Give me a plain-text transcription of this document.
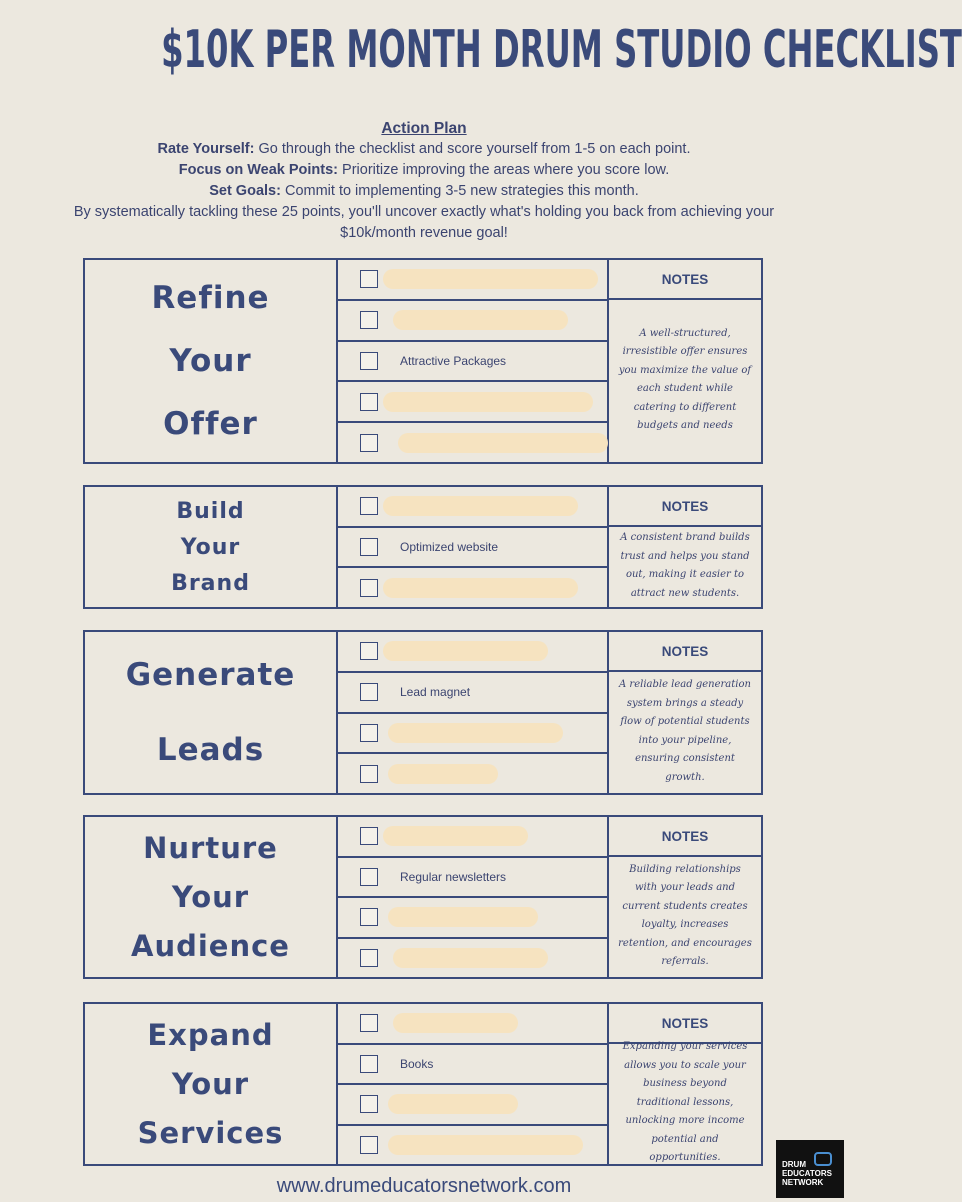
$10K PER MONTH DRUM STUDIO CHECKLIST
Action Plan
Rate Yourself: Go through the checklist and score yourself from 1-5 on each point.
Focus on Weak Points: Prioritize improving the areas where you score low.
Set Goals: Commit to implementing 3-5 new strategies this month.
By systematically tackling these 25 points, you'll uncover exactly what's holding you back from achieving your
$10k/month revenue goal!
Refine
Your
Offer
Attractive Packages
NOTES
A well-structured, irresistible offer ensures you maximize the value of each student while catering to different budgets and needs
Build
Your
Brand
Optimized website
NOTES
A consistent brand builds trust and helps you stand out, making it easier to attract new students.
Generate
Leads
Lead magnet
NOTES
A reliable lead generation system brings a steady flow of potential students into your pipeline, ensuring consistent growth.
Nurture
Your
Audience
Regular newsletters
NOTES
Building relationships with your leads and current students creates loyalty, increases retention, and encourages referrals.
Expand
Your
Services
Books
NOTES
Expanding your services allows you to scale your business beyond traditional lessons, unlocking more income potential and opportunities.
www.drumeducatorsnetwork.com
DRUM
EDUCATORS
NETWORK
